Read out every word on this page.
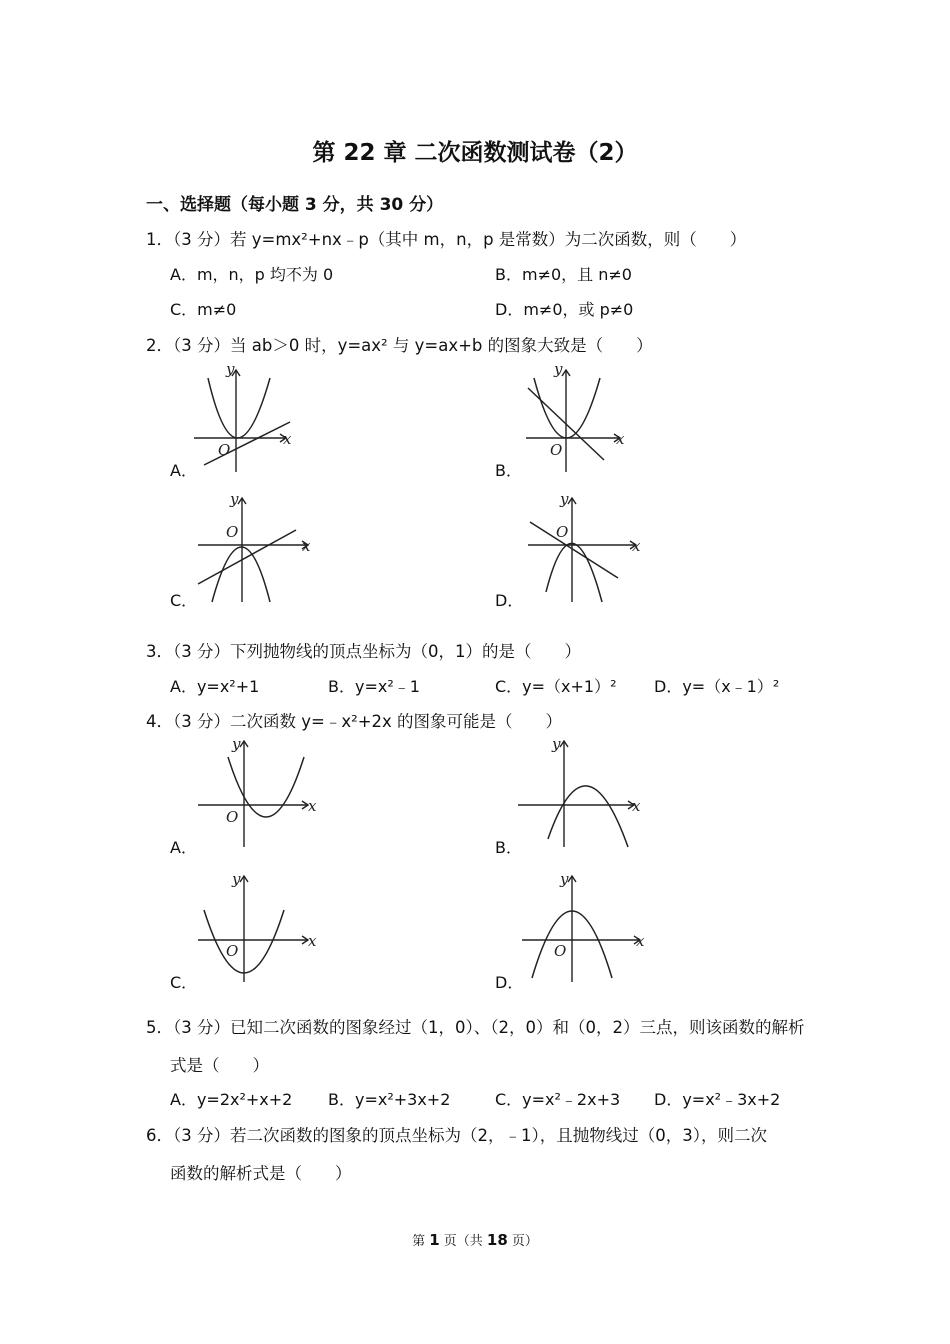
第 22 章 二次函数测试卷（2）
一、选择题（每小题 3 分，共 30 分）
1．（3 分）若 y=mx²+nx﹣p（其中 m，n，p 是常数）为二次函数，则（　　）
A．m，n，p 均不为 0	B．m≠0，且 n≠0
C．m≠0	D．m≠0，或 p≠0
2．（3 分）当 ab＞0 时，y=ax² 与 y=ax+b 的图象大致是（　　）
y
x
O
A．
y
x
O
B．
y
x
O
C．
y
x
O
D．
3．（3 分）下列抛物线的顶点坐标为（0，1）的是（　　）
A．y=x²+1	B．y=x²﹣1	C．y=（x+1）² D．y=（x﹣1）²
4．（3 分）二次函数 y=﹣x²+2x 的图象可能是（　　）
y
x
O
A．
y
x
B．
y
x
O
C．
y
x
O
D．
5．（3 分）已知二次函数的图象经过（1，0）、（2，0）和（0，2）三点，则该函数的解析
式是（　　）
A．y=2x²+x+2 B．y=x²+3x+2	C．y=x²﹣2x+3 D．y=x²﹣3x+2
6．（3 分）若二次函数的图象的顶点坐标为（2，﹣1），且抛物线过（0，3），则二次
函数的解析式是（　　）
第 1 页（共 18 页）
